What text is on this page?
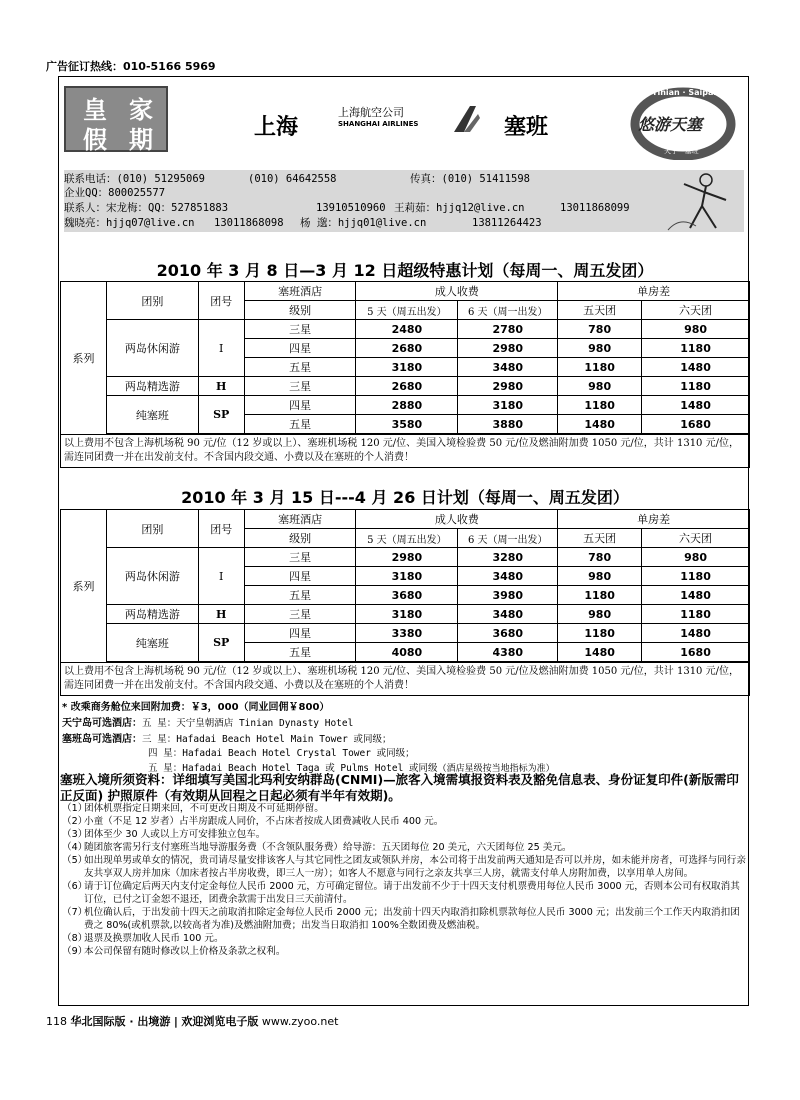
广告征订热线：010-5166 5969
皇 家
假 期	上海
上海航空公司
SHANGHAI AIRLINES	塞班
Tinian · Saipan
悠游天塞
天宁 · 塞班
联系电话：(010) 51295069	(010) 64642558	传真：(010) 51411598
企业QQ：800025577
联系人：宋龙梅：QQ：527851883	13910510960 王莉茹：hjjq12@live.cn	13011868099
魏晓亮：hjjq07@live.cn 13011868098 杨 邈：hjjq01@live.cn	13811264423
2010 年 3 月 8 日—3 月 12 日超级特惠计划（每周一、周五发团）
系列	团别	团号	塞班酒店	成人收费		单房差	
			级别	5 天（周五出发）	6 天（周一出发）	五天团	六天团
	两岛休闲游	I	三星	2480	2780	780	980
			四星	2680	2980	980	1180
			五星	3180	3480	1180	1480
	两岛精选游	H	三星	2680	2980	980	1180
	纯塞班	SP	四星	2880	3180	1180	1480
			五星	3580	3880	1480	1680

以上费用不包含上海机场税 90 元/位（12 岁或以上）、塞班机场税 120 元/位、美国入境检验费 50 元/位及燃油附加费 1050 元/位，共计 1310 元/位，需连同团费一并在出发前支付。不含国内段交通、小费以及在塞班的个人消费！							
2010 年 3 月 15 日---4 月 26 日计划（每周一、周五发团）
系列	团别	团号	塞班酒店	成人收费		单房差	
			级别	5 天（周五出发）	6 天（周一出发）	五天团	六天团
	两岛休闲游	I	三星	2980	3280	780	980
			四星	3180	3480	980	1180
			五星	3680	3980	1180	1480
	两岛精选游	H	三星	3180	3480	980	1180
	纯塞班	SP	四星	3380	3680	1180	1480
			五星	4080	4380	1480	1680

以上费用不包含上海机场税 90 元/位（12 岁或以上）、塞班机场税 120 元/位、美国入境检验费 50 元/位及燃油附加费 1050 元/位，共计 1310 元/位，需连同团费一并在出发前支付。不含国内段交通、小费以及在塞班的个人消费！							
* 改乘商务舱位来回附加费：￥3，000（同业回佣￥800）
天宁岛可选酒店：五 星：天宁皇朝酒店 Tinian Dynasty Hotel
塞班岛可选酒店：三 星：Hafadai Beach Hotel Main Tower 或同级；
四 星：Hafadai Beach Hotel Crystal Tower 或同级；
五 星：Hafadai Beach Hotel Taga 或 Pulms Hotel 或同级（酒店星级按当地指标为准）
塞班入境所须资料：详细填写美国北玛利安纳群岛(CNMI)—旅客入境需填报资料表及豁免信息表、身份证复印件(新版需印正反面) 护照原件（有效期从回程之日起必须有半年有效期)。
（1）
团体机票指定日期来回，不可更改日期及不可延期停留。
（2）
小童（不足 12 岁者）占半房跟成人同价，不占床者按成人团费减收人民币 400 元。
（3）
团体至少 30 人或以上方可安排独立包车。
（4）
随团旅客需另行支付塞班当地导游服务费（不含领队服务费）给导游：五天团每位 20 美元，六天团每位 25 美元。
（5）
如出现单男或单女的情况，贵司请尽量安排该客人与其它同性之团友或领队并房，本公司将于出发前两天通知是否可以并房，如未能并房者，可选择与同行亲友共享双人房并加床（加床者按占半房收费，即三人一房）；如客人不愿意与同行之亲友共享三人房，就需支付单人房附加费，以享用单人房间。
（6）
请于订位确定后两天内支付定金每位人民币 2000 元，方可确定留位。请于出发前不少于十四天支付机票费用每位人民币 3000 元，否则本公司有权取消其订位，已付之订金恕不退还，团费余款需于出发日三天前清付。
（7）
机位确认后，于出发前十四天之前取消扣除定金每位人民币 2000 元；出发前十四天内取消扣除机票款每位人民币 3000 元；出发前三个工作天内取消扣团费之 80%(或机票款,以较高者为准)及燃油附加费；出发当日取消扣 100%全数团费及燃油税。
（8）
退票及换票加收人民币 100 元。
（9）
本公司保留有随时修改以上价格及条款之权利。
118 华北国际版 · 出境游 | 欢迎浏览电子版 www.zyoo.net
